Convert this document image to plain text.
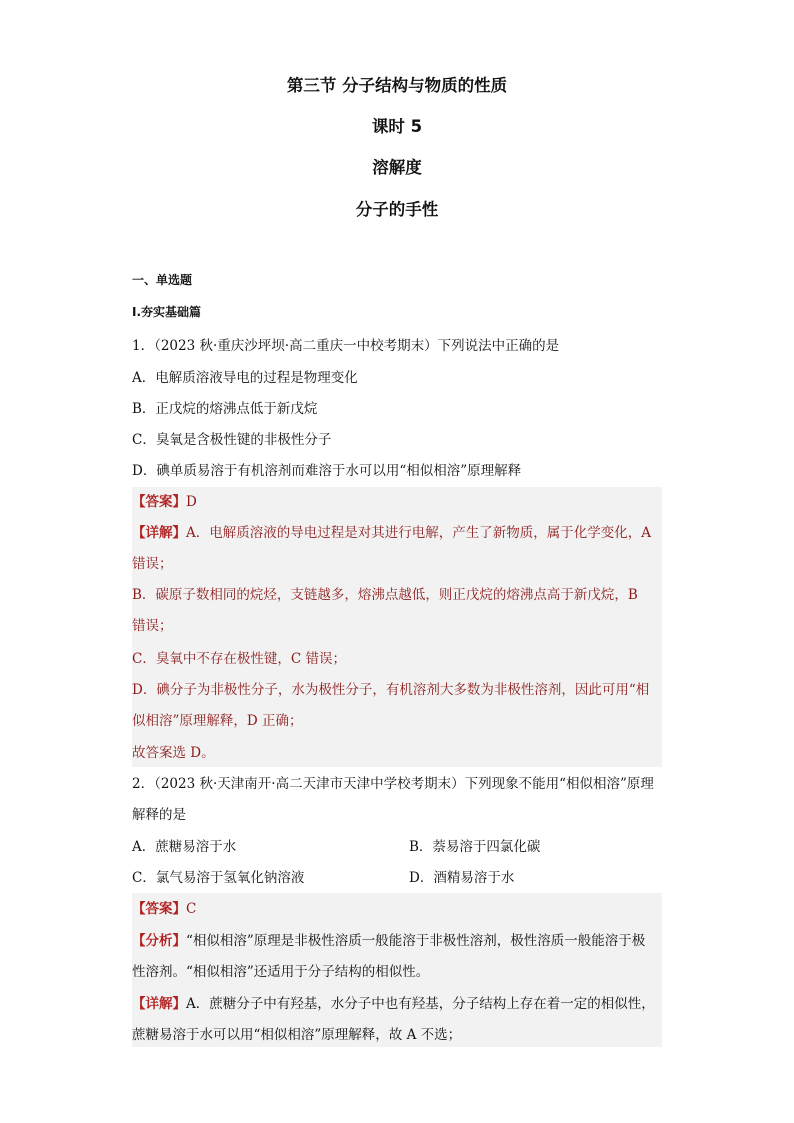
第三节 分子结构与物质的性质
课时 5
溶解度
分子的手性
一、单选题
Ⅰ.夯实基础篇
1．（2023 秋·重庆沙坪坝·高二重庆一中校考期末）下列说法中正确的是
A．电解质溶液导电的过程是物理变化
B．正戊烷的熔沸点低于新戊烷
C．臭氧是含极性键的非极性分子
D．碘单质易溶于有机溶剂而难溶于水可以用“相似相溶”原理解释
【答案】D
【详解】A．电解质溶液的导电过程是对其进行电解，产生了新物质，属于化学变化，A
错误；
B．碳原子数相同的烷烃，支链越多，熔沸点越低，则正戊烷的熔沸点高于新戊烷，B
错误；
C．臭氧中不存在极性键，C 错误；
D．碘分子为非极性分子，水为极性分子，有机溶剂大多数为非极性溶剂，因此可用“相
似相溶”原理解释，D 正确；
故答案选 D。
2．（2023 秋·天津南开·高二天津市天津中学校考期末）下列现象不能用“相似相溶”原理
解释的是
A．蔗糖易溶于水	B．萘易溶于四氯化碳
C．氯气易溶于氢氧化钠溶液	D．酒精易溶于水
【答案】C
【分析】“相似相溶”原理是非极性溶质一般能溶于非极性溶剂，极性溶质一般能溶于极
性溶剂。“相似相溶”还适用于分子结构的相似性。
【详解】A．蔗糖分子中有羟基，水分子中也有羟基，分子结构上存在着一定的相似性，
蔗糖易溶于水可以用“相似相溶”原理解释，故 A 不选；
